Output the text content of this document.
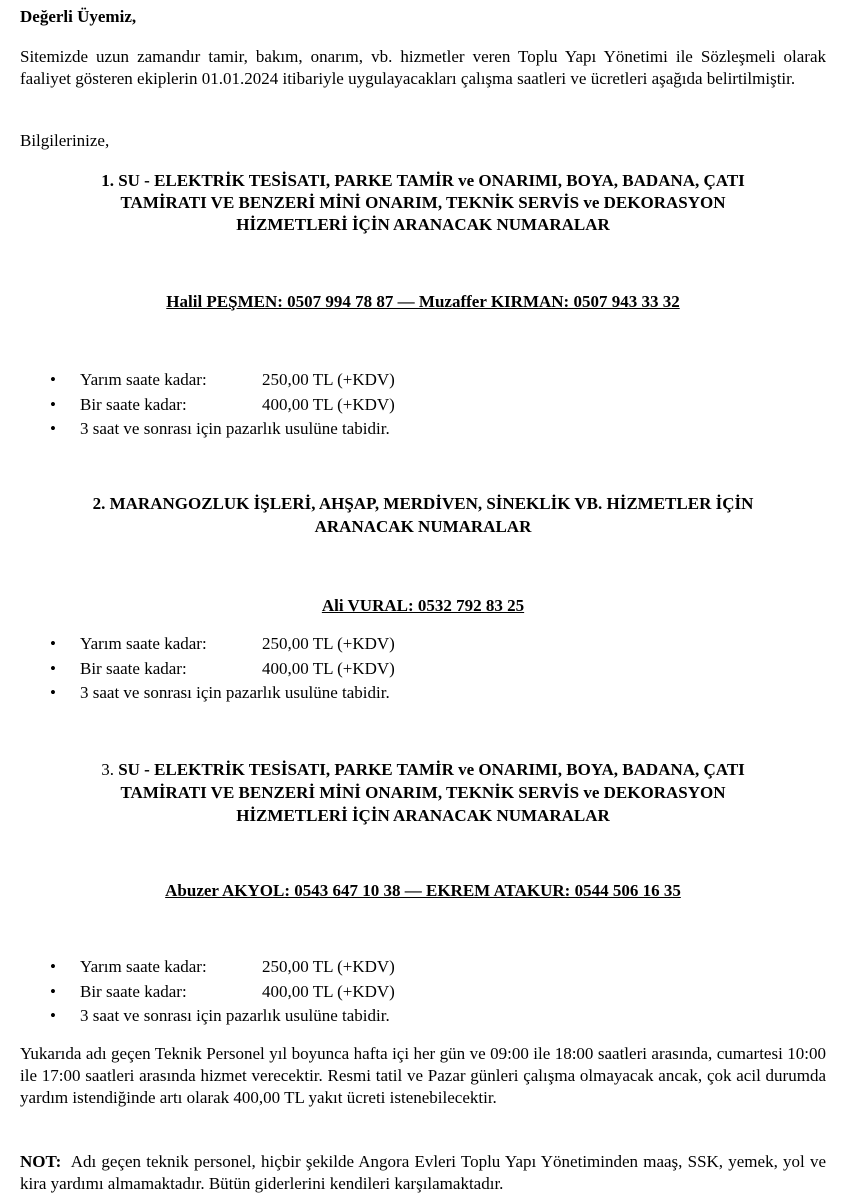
Değerli Üyemiz,
Sitemizde uzun zamandır tamir, bakım, onarım, vb. hizmetler veren Toplu Yapı Yönetimi ile Sözleşmeli olarak faaliyet gösteren ekiplerin 01.01.2024 itibariyle uygulayacakları çalışma saatleri ve ücretleri aşağıda belirtilmiştir.
Bilgilerinize,
1. SU - ELEKTRİK TESİSATI, PARKE TAMİR ve ONARIMI, BOYA, BADANA, ÇATI
TAMİRATI VE BENZERİ MİNİ ONARIM, TEKNİK SERVİS ve DEKORASYON
HİZMETLERİ İÇİN ARANACAK NUMARALAR
Halil PEŞMEN: 0507 994 78 87 — Muzaffer KIRMAN: 0507 943 33 32
•	Yarım saate kadar:	250,00 TL (+KDV)
•	Bir saate kadar:	400,00 TL (+KDV)
•	3 saat ve sonrası için pazarlık usulüne tabidir.
2. MARANGOZLUK İŞLERİ, AHŞAP, MERDİVEN, SİNEKLİK VB. HİZMETLER İÇİN
ARANACAK NUMARALAR
Ali VURAL: 0532 792 83 25
•	Yarım saate kadar:	250,00 TL (+KDV)
•	Bir saate kadar:	400,00 TL (+KDV)
•	3 saat ve sonrası için pazarlık usulüne tabidir.
3. SU - ELEKTRİK TESİSATI, PARKE TAMİR ve ONARIMI, BOYA, BADANA, ÇATI
TAMİRATI VE BENZERİ MİNİ ONARIM, TEKNİK SERVİS ve DEKORASYON
HİZMETLERİ İÇİN ARANACAK NUMARALAR
Abuzer AKYOL: 0543 647 10 38 — EKREM ATAKUR: 0544 506 16 35
•	Yarım saate kadar:	250,00 TL (+KDV)
•	Bir saate kadar:	400,00 TL (+KDV)
•	3 saat ve sonrası için pazarlık usulüne tabidir.
Yukarıda adı geçen Teknik Personel yıl boyunca hafta içi her gün ve 09:00 ile 18:00 saatleri arasında, cumartesi 10:00 ile 17:00 saatleri arasında hizmet verecektir. Resmi tatil ve Pazar günleri çalışma olmayacak ancak, çok acil durumda yardım istendiğinde artı olarak 400,00 TL yakıt ücreti istenebilecektir.
NOT: Adı geçen teknik personel, hiçbir şekilde Angora Evleri Toplu Yapı Yönetiminden maaş, SSK, yemek, yol ve kira yardımı almamaktadır. Bütün giderlerini kendileri karşılamaktadır.
